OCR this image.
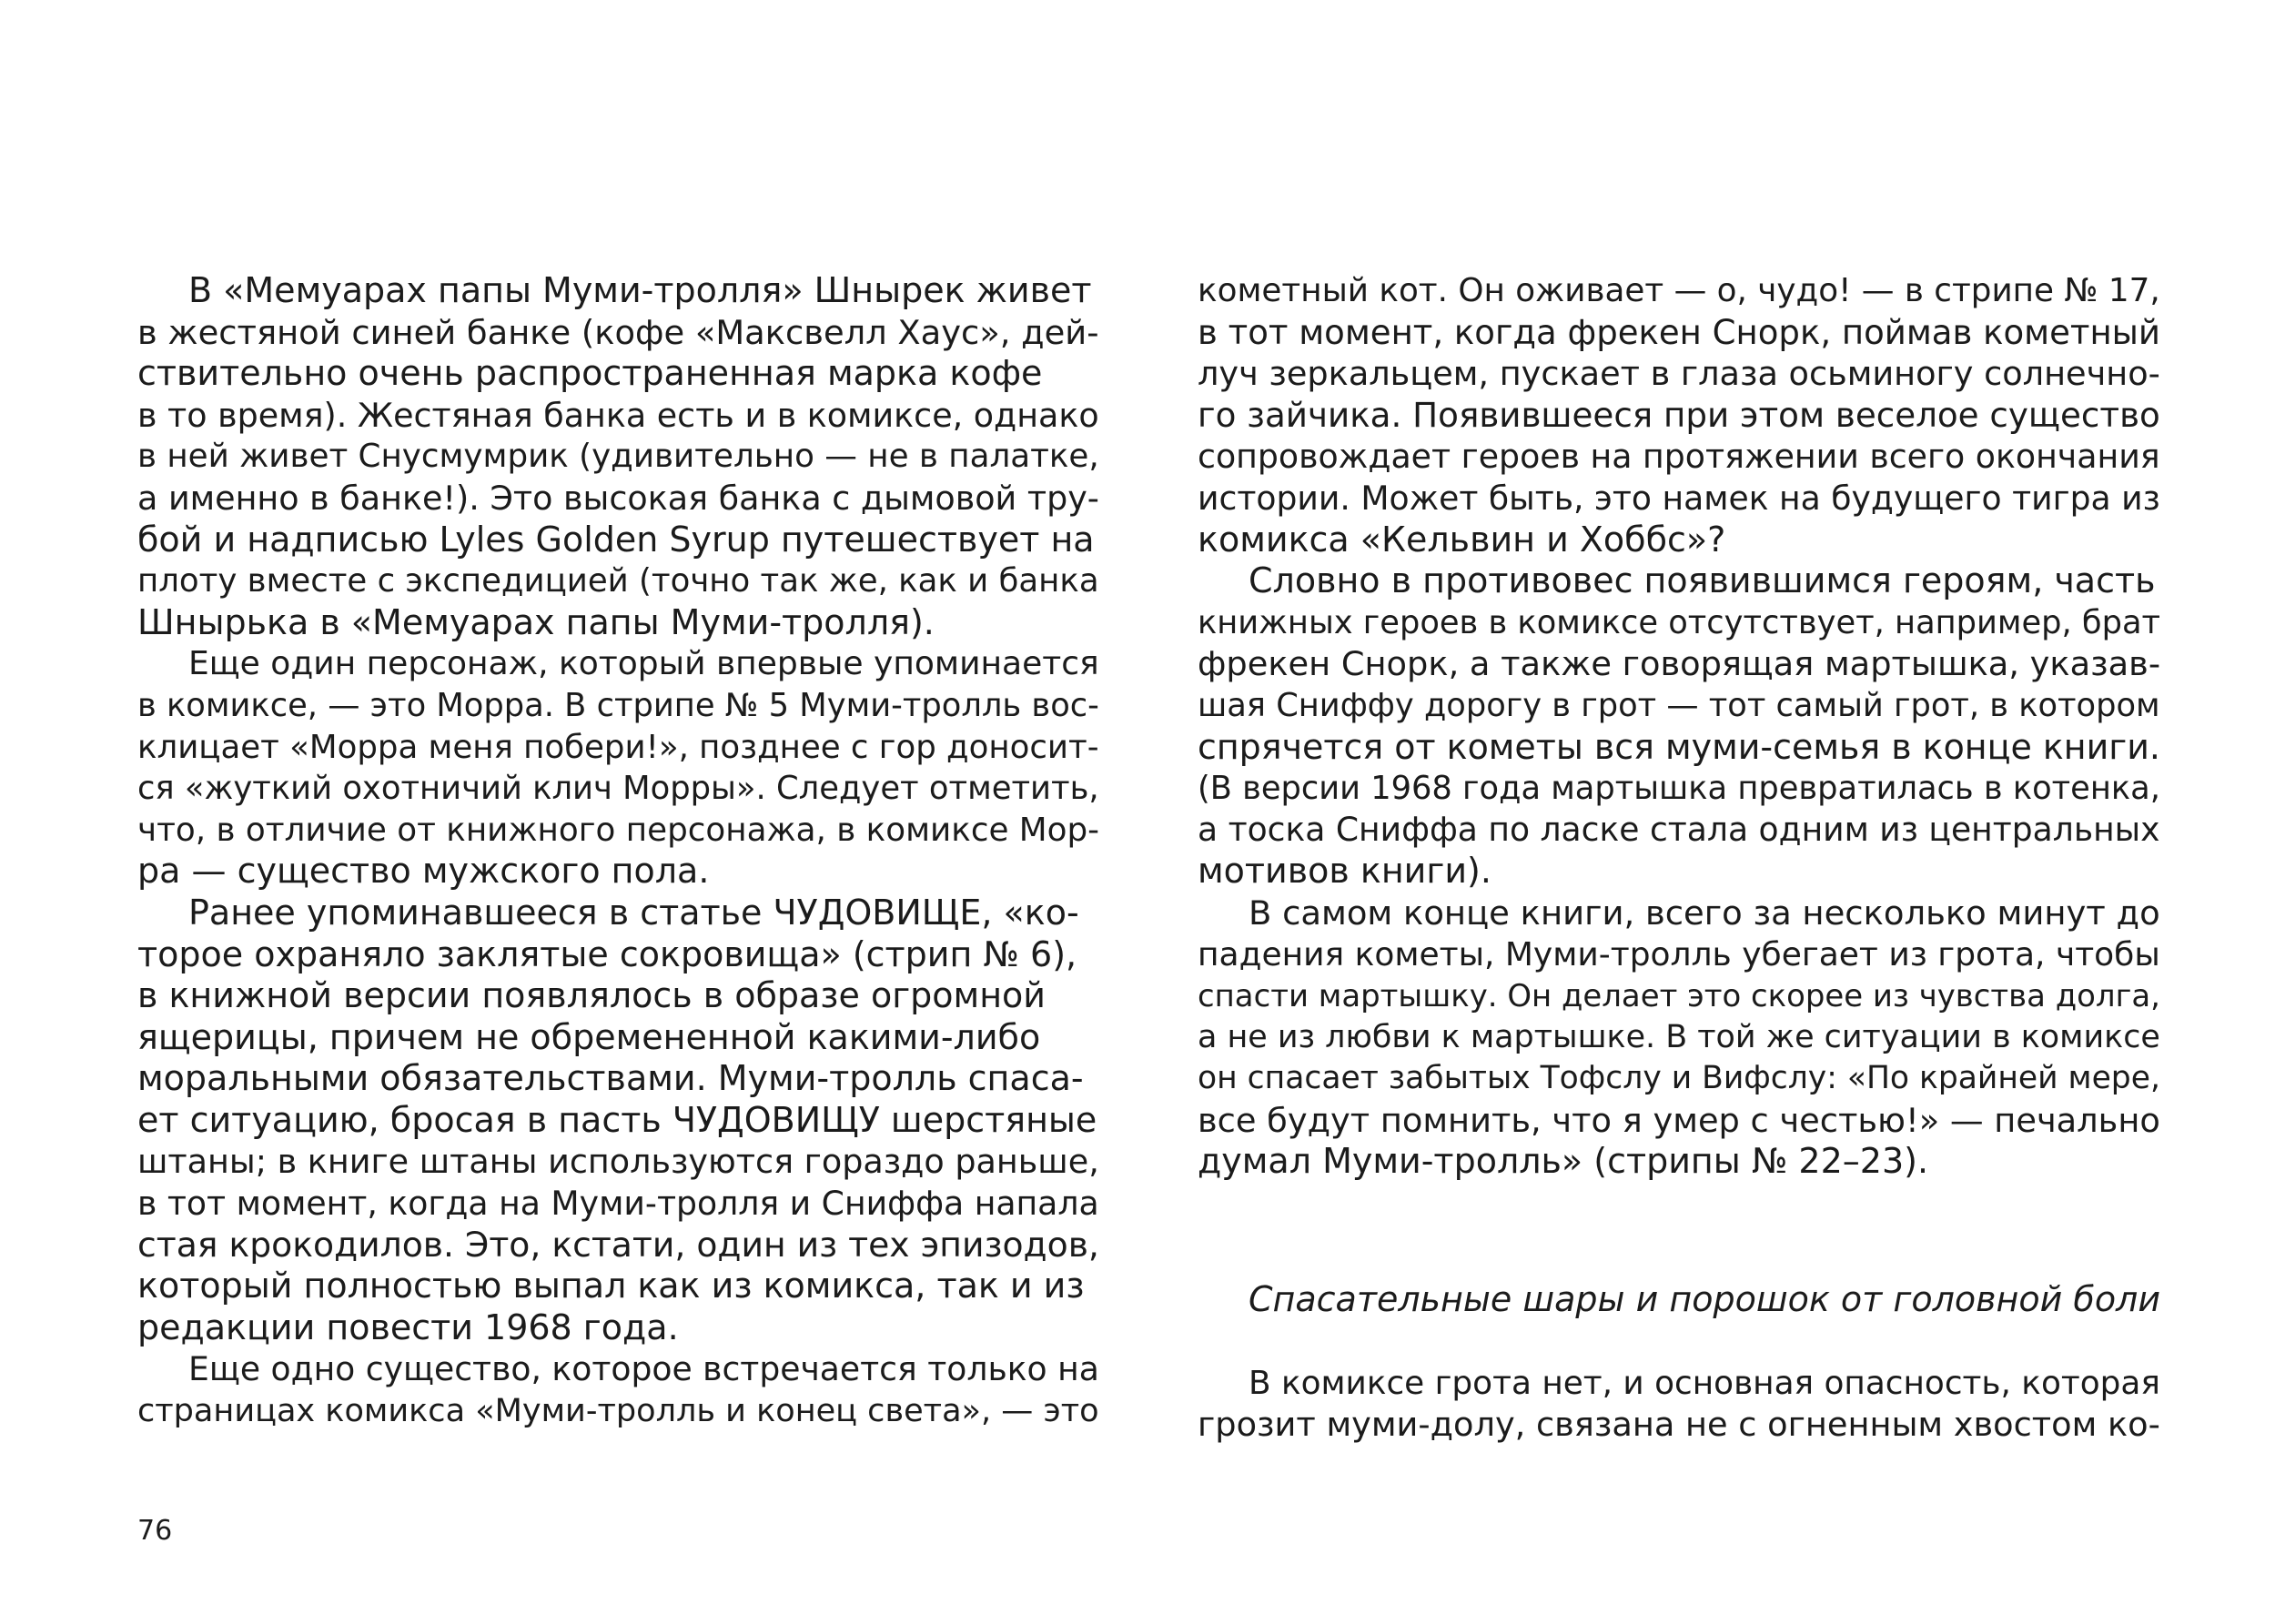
В «Мемуарах папы Муми-тролля» Шнырек живет
в жестяной синей банке (кофе «Максвелл Хаус», дей-
ствительно очень распространенная марка кофе
в то время). Жестяная банка есть и в комиксе, однако
в ней живет Снусмумрик (удивительно — не в палатке,
а именно в банке!). Это высокая банка с дымовой тру-
бой и надписью Lyles Golden Syrup путешествует на
плоту вместе с экспедицией (точно так же, как и банка
Шнырька в «Мемуарах папы Муми-тролля).
Еще один персонаж, который впервые упоминается
в комиксе, — это Морра. В стрипе № 5 Муми-тролль вос-
клицает «Морра меня побери!», позднее с гор доносит-
ся «жуткий охотничий клич Морры». Следует отметить,
что, в отличие от книжного персонажа, в комиксе Мор-
ра — существо мужского пола.
Ранее упоминавшееся в статье ЧУДОВИЩЕ, «ко-
торое охраняло заклятые сокровища» (стрип № 6),
в книжной версии появлялось в образе огромной
ящерицы, причем не обремененной какими-либо
моральными обязательствами. Муми-тролль спаса-
ет ситуацию, бросая в пасть ЧУДОВИЩУ шерстяные
штаны; в книге штаны используются гораздо раньше,
в тот момент, когда на Муми-тролля и Сниффа напала
стая крокодилов. Это, кстати, один из тех эпизодов,
который полностью выпал как из комикса, так и из
редакции повести 1968 года.
Еще одно существо, которое встречается только на
страницах комикса «Муми-тролль и конец света», — это
кометный кот. Он оживает — о, чудо! — в стрипе № 17,
в тот момент, когда фрекен Снорк, поймав кометный
луч зеркальцем, пускает в глаза осьминогу солнечно-
го зайчика. Появившееся при этом веселое существо
сопровождает героев на протяжении всего окончания
истории. Может быть, это намек на будущего тигра из
комикса «Кельвин и Хоббс»?
Словно в противовес появившимся героям, часть
книжных героев в комиксе отсутствует, например, брат
фрекен Снорк, а также говорящая мартышка, указав-
шая Сниффу дорогу в грот — тот самый грот, в котором
спрячется от кометы вся муми-семья в конце книги.
(В версии 1968 года мартышка превратилась в котенка,
а тоска Сниффа по ласке стала одним из центральных
мотивов книги).
В самом конце книги, всего за несколько минут до
падения кометы, Муми-тролль убегает из грота, чтобы
спасти мартышку. Он делает это скорее из чувства долга,
а не из любви к мартышке. В той же ситуации в комиксе
он спасает забытых Тофслу и Вифслу: «По крайней мере,
все будут помнить, что я умер с честью!» — печально
думал Муми-тролль» (стрипы № 22–23).
Спасательные шары и порошок от головной боли
В комиксе грота нет, и основная опасность, которая
грозит муми-долу, связана не с огненным хвостом ко-
76
